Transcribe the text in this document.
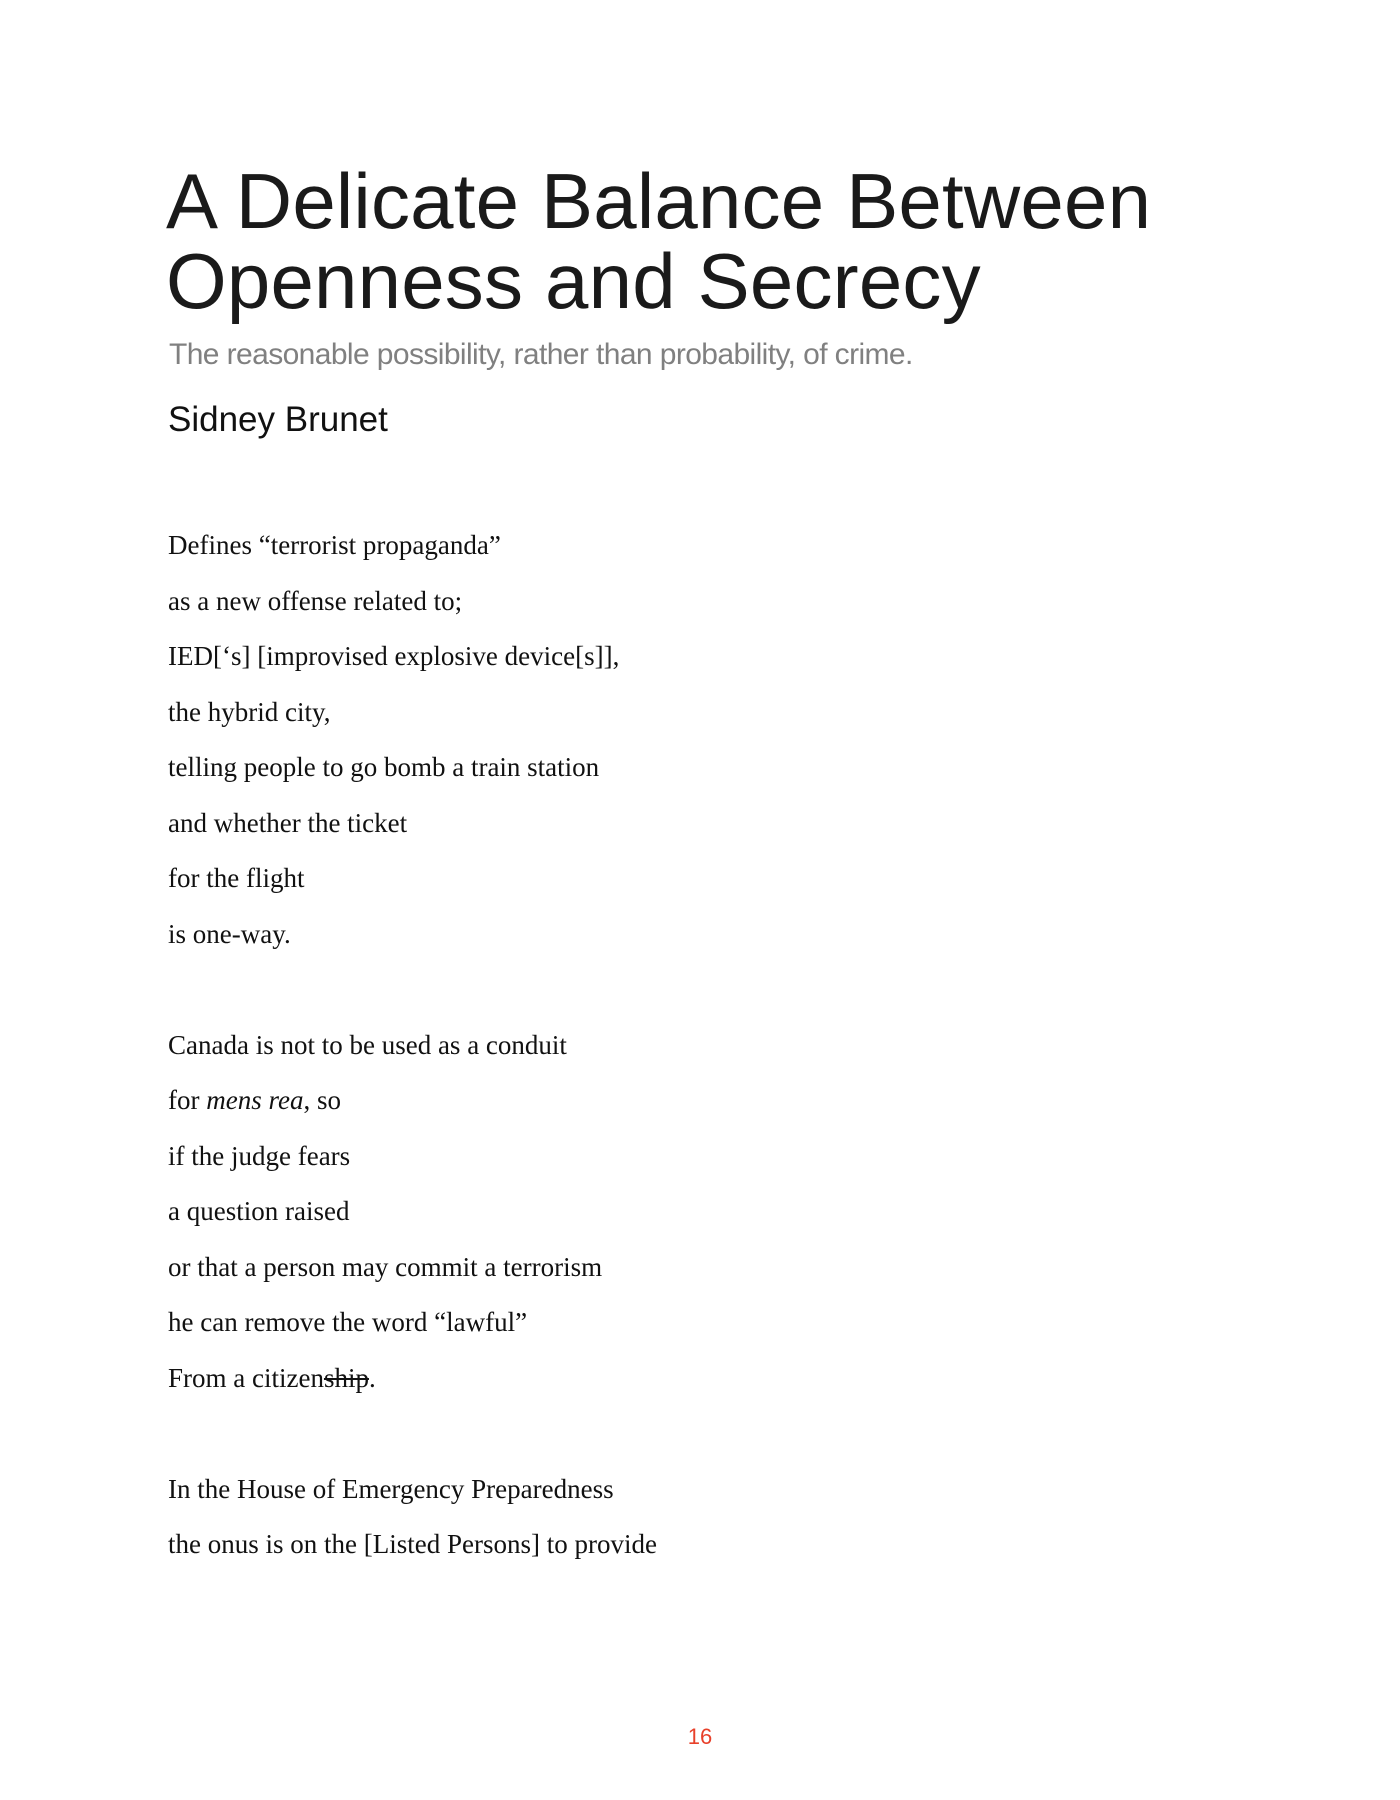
A Delicate Balance Between
Openness and Secrecy

The reasonable possibility, rather than probability, of crime.

Sidney Brunet

Defines “terrorist propaganda”
as a new offense related to;
IED[‘s] [improvised explosive device[s]],
the hybrid city,
telling people to go bomb a train station
and whether the ticket
for the flight
is one-way.
Canada is not to be used as a conduit
for mens rea, so
if the judge fears
a question raised
or that a person may commit a terrorism
he can remove the word “lawful”
From a citizenship.
In the House of Emergency Preparedness
the onus is on the [Listed Persons] to provide
16
